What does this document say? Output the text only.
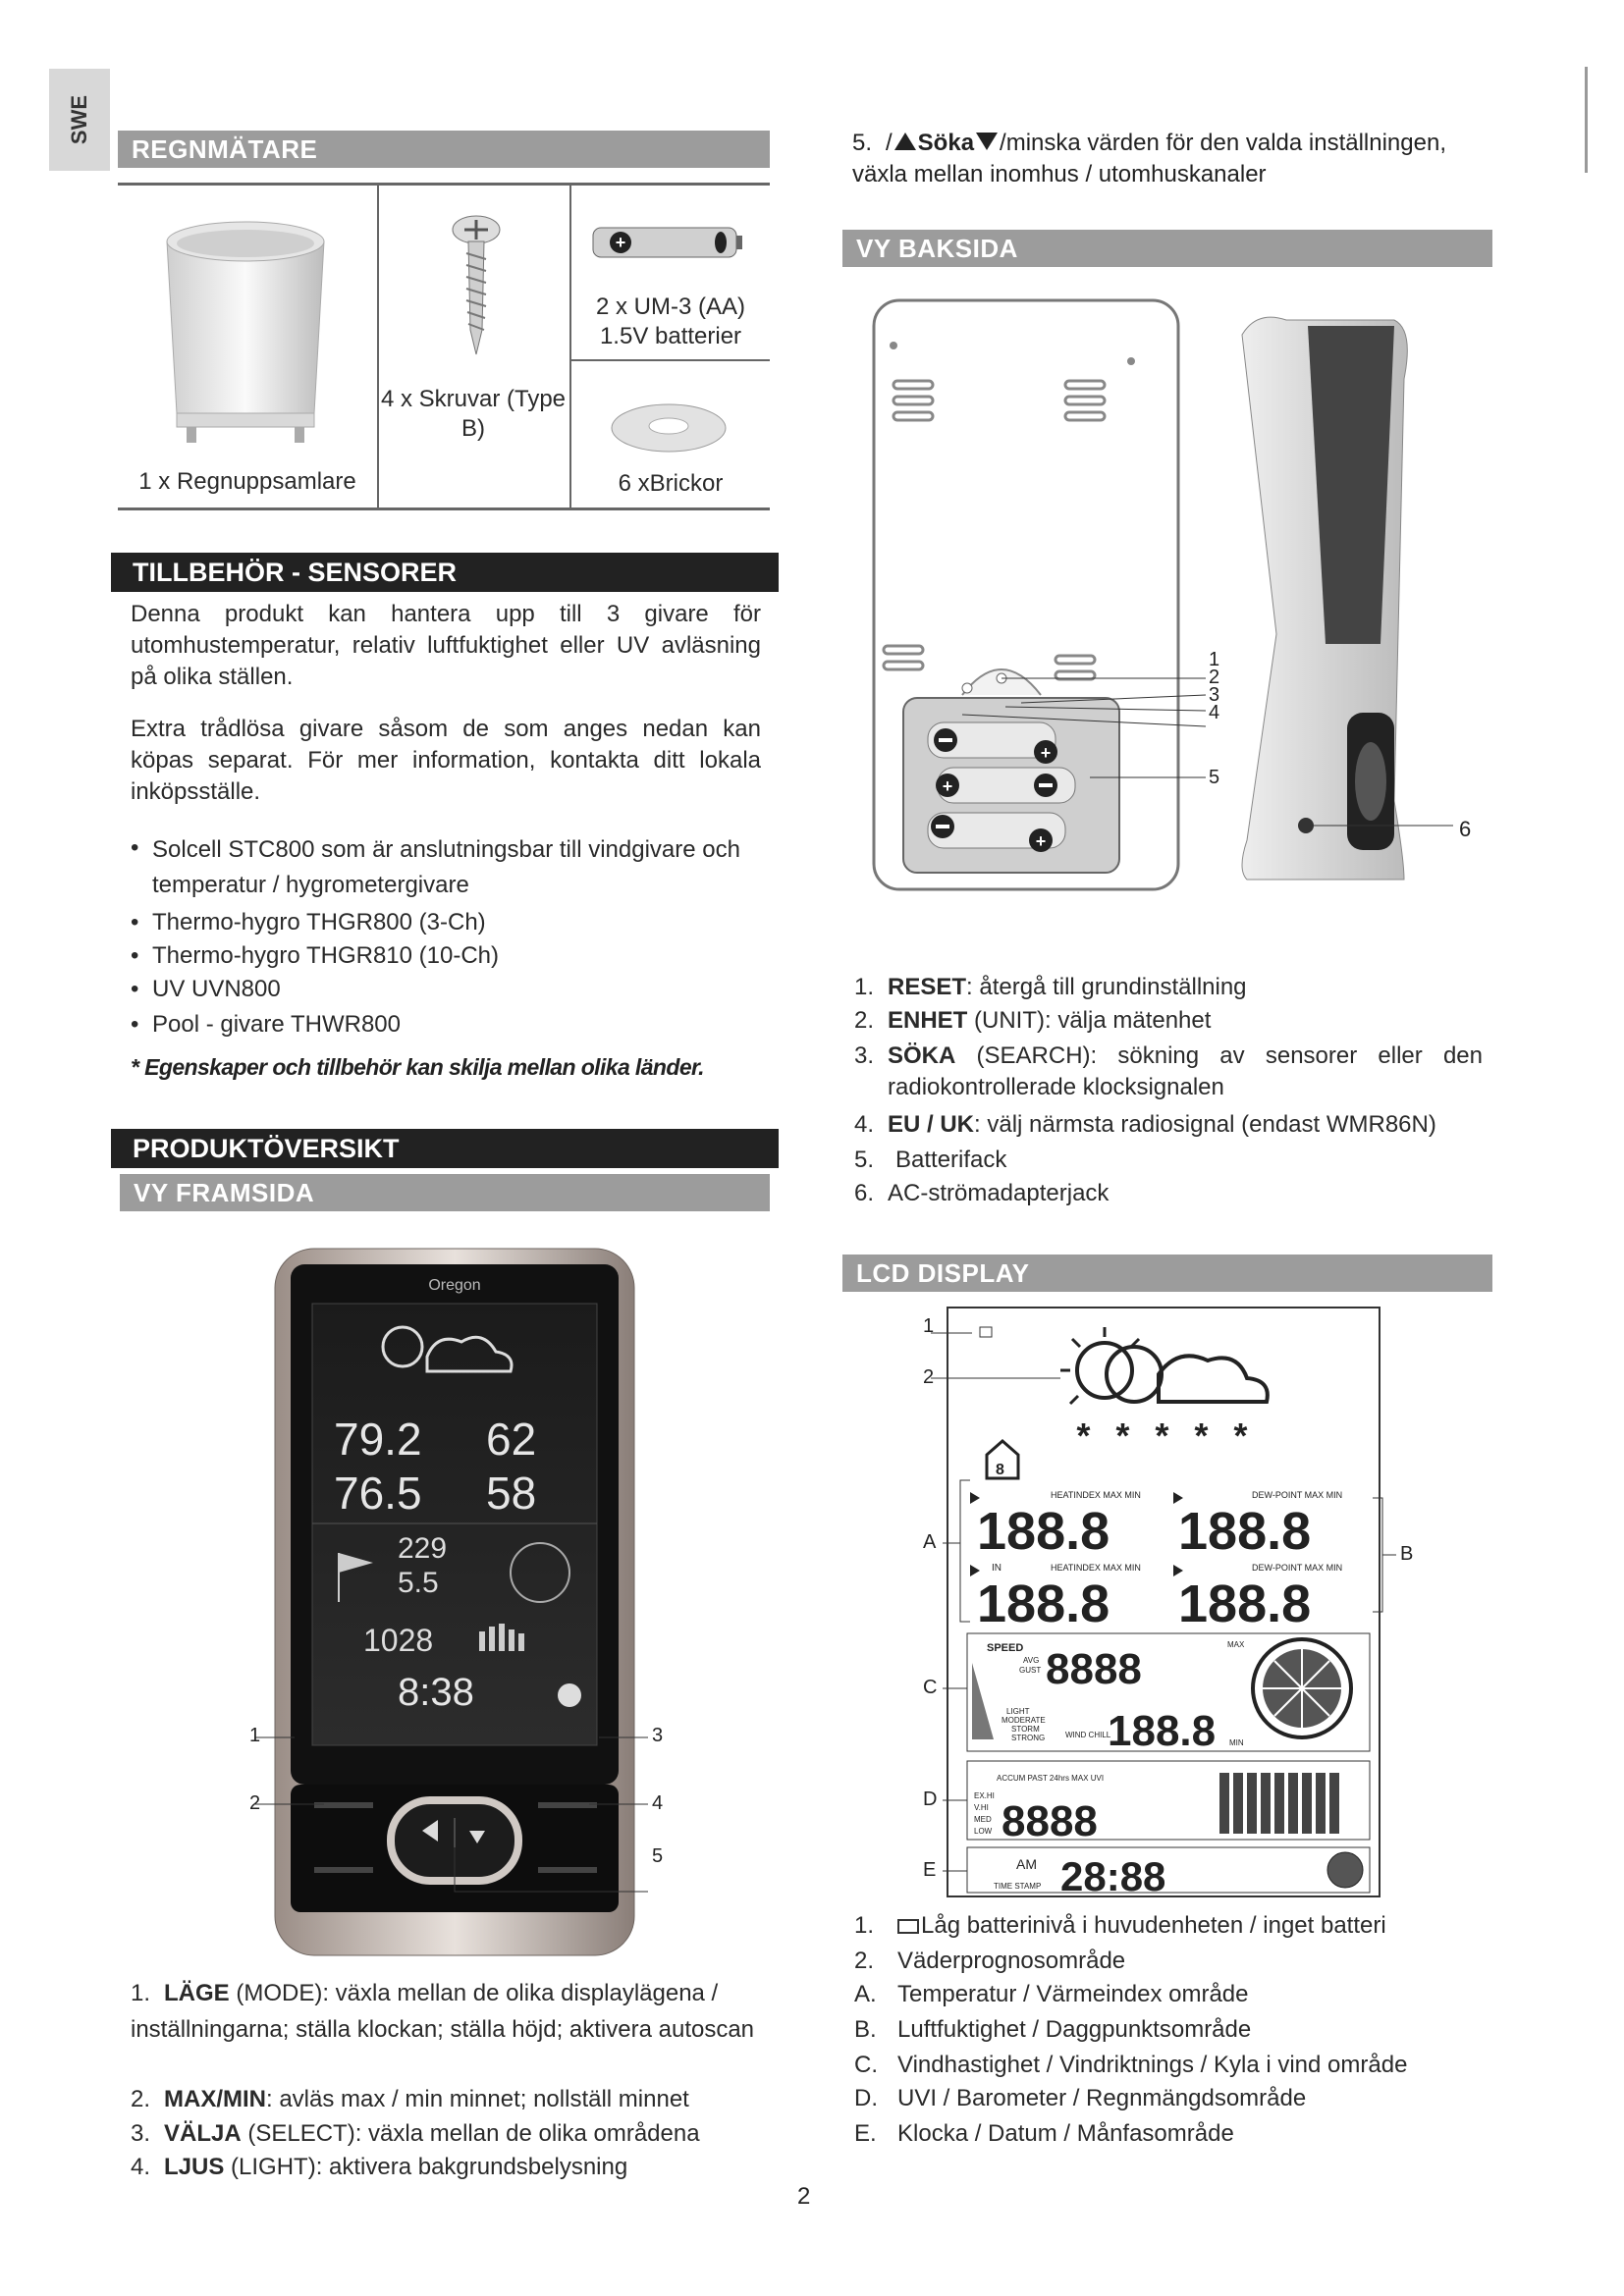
SWE
REGNMÄTARE
1 x Regnuppsamlare
4 x Skruvar (Type B)
+
2 x UM-3 (AA) 1.5V batterier
6 xBrickor
TILLBEHÖR - SENSORER
Denna produkt kan hantera upp till 3 givare för utomhustemperatur, relativ luftfuktighet eller UV avläsning på olika ställen.
Extra trådlösa givare såsom de som anges nedan kan köpas separat. För mer information, kontakta ditt lokala inköpsställe.
• Solcell STC800 som är anslutningsbar till vindgivare och temperatur / hygrometergivare
• Thermo-hygro THGR800 (3-Ch)
• Thermo-hygro THGR810 (10-Ch)
• UV UVN800
• Pool - givare THWR800
* Egenskaper och tillbehör kan skilja mellan olika länder.
PRODUKTÖVERSIKT
VY FRAMSIDA
Oregon
79.2 62
76.5 58
229
5.5
1028
8:38
1
2
3
4
5
1. LÄGE (MODE): växla mellan de olika displaylägena / inställningarna; ställa klockan; ställa höjd; aktivera autoscan
2. MAX/MIN: avläs max / min minnet; nollställ minnet
3. VÄLJA (SELECT): växla mellan de olika områdena
4. LJUS (LIGHT): aktivera bakgrundsbelysning
5. / Söka /minska värden för den valda inställningen, växla mellan inomhus / utomhuskanaler
VY BAKSIDA
+
+
+
1
2
3
4
5
6
1. RESET: återgå till grundinställning
2. ENHET (UNIT): välja mätenhet
3. SÖKA (SEARCH): sökning av sensorer eller den radiokontrollerade klocksignalen
4. EU / UK: välj närmsta radiosignal (endast WMR86N)
5. Batterifack
6. AC-strömadapterjack
LCD DISPLAY
* * * * *
8
HEATINDEX MAX MIN	DEW-POINT MAX MIN
188.8 188.8
IN	HEATINDEX MAX MIN	DEW-POINT MAX MIN
188.8 188.8
SPEED
AVG
GUST
MAX
8888
LIGHT
MODERATE
STORM
STRONG	WIND CHILL
188.8 MIN
ACCUM PAST 24hrs MAX UVI
EX.HI
V.HI
MED
LOW 8888
AM
TIME STAMP 28:88
1
2
A
B
C
D
E
1. Låg batterinivå i huvudenheten / inget batteri
2. Väderprognosområde
A. Temperatur / Värmeindex område
B. Luftfuktighet / Daggpunktsområde
C. Vindhastighet / Vindriktnings / Kyla i vind område
D. UVI / Barometer / Regnmängdsområde
E. Klocka / Datum / Månfasområde
2
